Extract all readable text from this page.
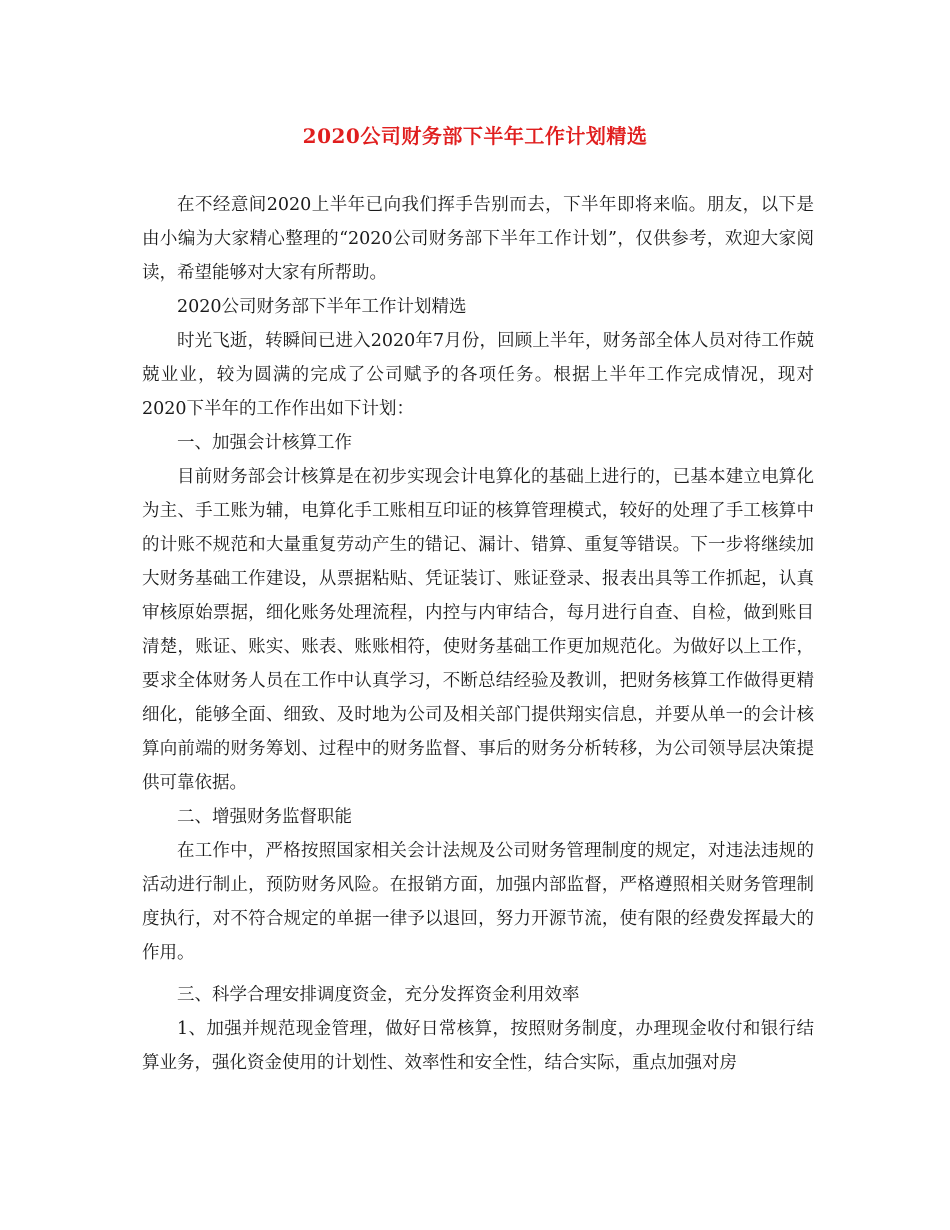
2020公司财务部下半年工作计划精选

在不经意间2020上半年已向我们挥手告别而去，下半年即将来临。朋友，以下是由小编为大家精心整理的“2020公司财务部下半年工作计划”，仅供参考，欢迎大家阅读，希望能够对大家有所帮助。

2020公司财务部下半年工作计划精选

时光飞逝，转瞬间已进入2020年7月份，回顾上半年，财务部全体人员对待工作兢兢业业，较为圆满的完成了公司赋予的各项任务。根据上半年工作完成情况，现对2020下半年的工作作出如下计划：

一、加强会计核算工作

目前财务部会计核算是在初步实现会计电算化的基础上进行的，已基本建立电算化为主、手工账为辅，电算化手工账相互印证的核算管理模式，较好的处理了手工核算中的计账不规范和大量重复劳动产生的错记、漏计、错算、重复等错误。下一步将继续加大财务基础工作建设，从票据粘贴、凭证装订、账证登录、报表出具等工作抓起，认真审核原始票据，细化账务处理流程，内控与内审结合，每月进行自查、自检，做到账目清楚，账证、账实、账表、账账相符，使财务基础工作更加规范化。为做好以上工作，要求全体财务人员在工作中认真学习，不断总结经验及教训，把财务核算工作做得更精细化，能够全面、细致、及时地为公司及相关部门提供翔实信息，并要从单一的会计核算向前端的财务筹划、过程中的财务监督、事后的财务分析转移，为公司领导层决策提供可靠依据。

二、增强财务监督职能

在工作中，严格按照国家相关会计法规及公司财务管理制度的规定，对违法违规的活动进行制止，预防财务风险。在报销方面，加强内部监督，严格遵照相关财务管理制度执行，对不符合规定的单据一律予以退回，努力开源节流，使有限的经费发挥最大的作用。

三、科学合理安排调度资金，充分发挥资金利用效率

1、加强并规范现金管理，做好日常核算，按照财务制度，办理现金收付和银行结算业务，强化资金使用的计划性、效率性和安全性，结合实际，重点加强对房
